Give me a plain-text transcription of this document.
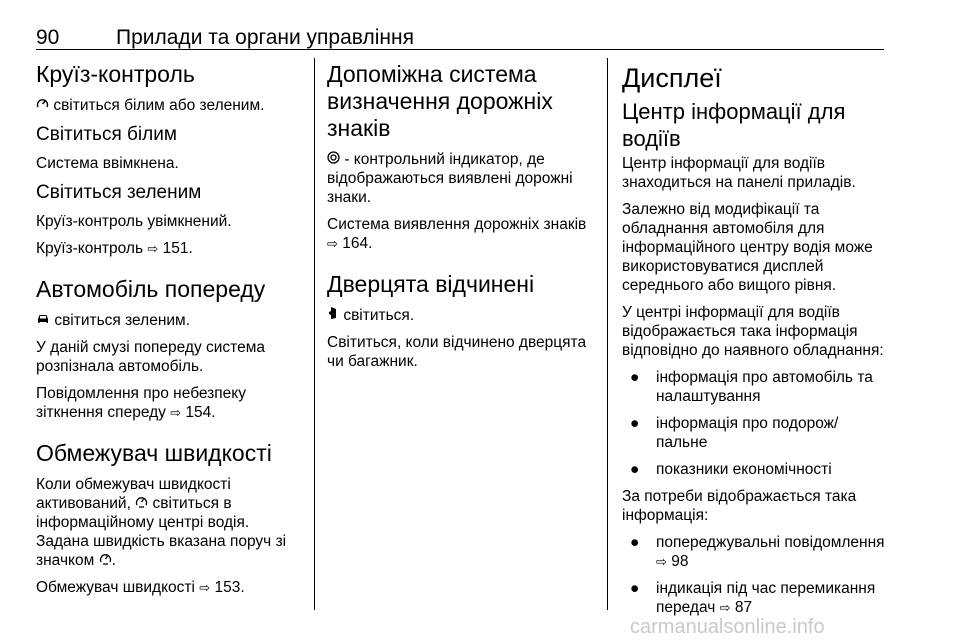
90	Прилади та органи управління
Круїз-контроль

світиться білим або зеленим.

Світиться білим

Система ввімкнена.

Світиться зеленим

Круїз-контроль увімкнений.

Круїз-контроль ⇨ 151.

Автомобіль попереду

світиться зеленим.

У даній смузі попереду система розпізнала автомобіль.

Повідомлення про небезпеку зіткнення спереду ⇨ 154.

Обмежувач швидкості

Коли обмежувач швидкості активований, світиться в інформаційному центрі водія. Задана швидкість вказана поруч зі значком .

Обмежувач швидкості ⇨ 153.

Допоміжна система визначення дорожніх знаків

- контрольний індикатор, де відображаються виявлені дорожні знаки.

Система виявлення дорожніх знаків ⇨ 164.

Дверцята відчинені

світиться.

Світиться, коли відчинено дверцята чи багажник.

Дисплеї
Центр інформації для водіїв

Центр інформації для водіїв знаходиться на панелі приладів.

Залежно від модифікації та обладнання автомобіля для інформаційного центру водія може використовуватися дисплей середнього або вищого рівня.

У центрі інформації для водіїв відображається така інформація відповідно до наявного обладнання:

● інформація про автомобіль та налаштування
● інформація про подорож/ пальне
● показники економічності

За потреби відображається така інформація:

● попереджувальні повідомлення ⇨ 98
● індикація під час перемикання передач ⇨ 87
carmanualsonline.info
